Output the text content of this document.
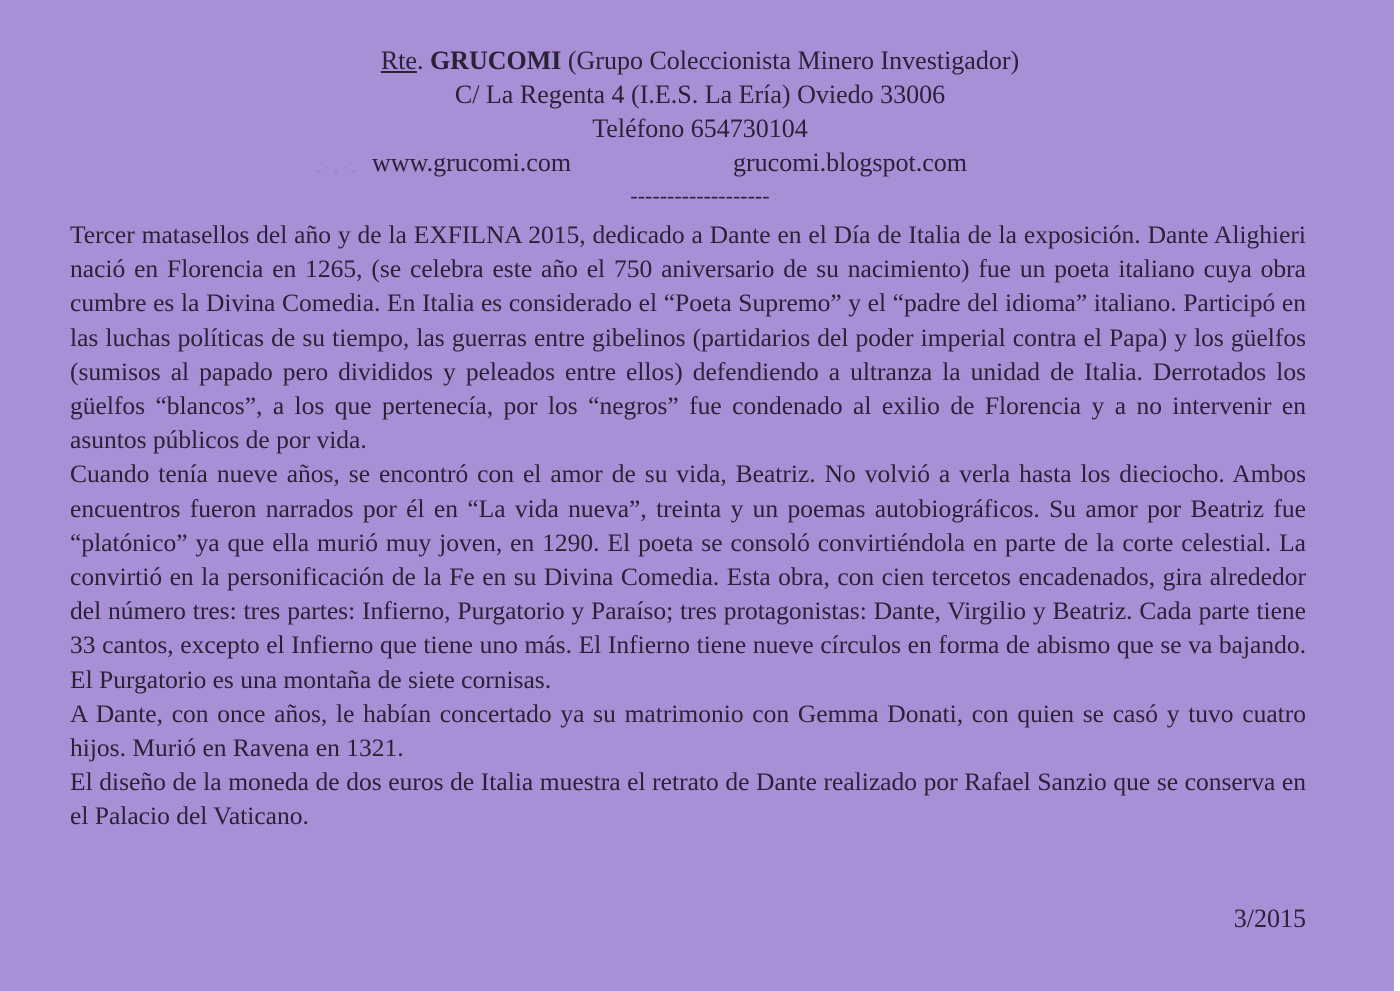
Rte. GRUCOMI (Grupo Coleccionista Minero Investigador)
C/ La Regenta 4 (I.E.S. La Ería) Oviedo 33006
Teléfono 654730104

www.grucomi.com	grucomi.blogspot.com
-------------------
· ˙ · ˙ ·

Tercer matasellos del año y de la EXFILNA 2015, dedicado a Dante en el Día de Italia de la exposición. Dante Alighieri nació en Florencia en 1265, (se celebra este año el 750 aniversario de su nacimiento) fue un poeta italiano cuya obra cumbre es la Divina Comedia. En Italia es considerado el “Poeta Supremo” y el “padre del idioma” italiano. Participó en las luchas políticas de su tiempo, las guerras entre gibelinos (partidarios del poder imperial contra el Papa) y los güelfos (sumisos al papado pero divididos y peleados entre ellos) defendiendo a ultranza la unidad de Italia. Derrotados los güelfos “blancos”, a los que pertenecía, por los “negros” fue condenado al exilio de Florencia y a no intervenir en asuntos públicos de por vida.

Cuando tenía nueve años, se encontró con el amor de su vida, Beatriz. No volvió a verla hasta los dieciocho. Ambos encuentros fueron narrados por él en “La vida nueva”, treinta y un poemas autobiográficos. Su amor por Beatriz fue “platónico” ya que ella murió muy joven, en 1290. El poeta se consoló convirtiéndola en parte de la corte celestial. La convirtió en la personificación de la Fe en su Divina Comedia. Esta obra, con cien tercetos encadenados, gira alrededor del número tres: tres partes: Infierno, Purgatorio y Paraíso; tres protagonistas: Dante, Virgilio y Beatriz. Cada parte tiene 33 cantos, excepto el Infierno que tiene uno más. El Infierno tiene nueve círculos en forma de abismo que se va bajando. El Purgatorio es una montaña de siete cornisas.

A Dante, con once años, le habían concertado ya su matrimonio con Gemma Donati, con quien se casó y tuvo cuatro hijos. Murió en Ravena en 1321.

El diseño de la moneda de dos euros de Italia muestra el retrato de Dante realizado por Rafael Sanzio que se conserva en el Palacio del Vaticano.

3/2015
